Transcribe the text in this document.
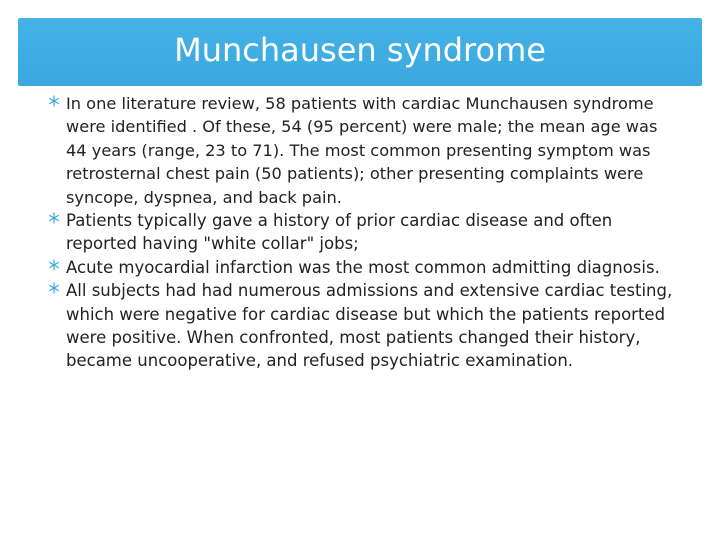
Munchausen syndrome
In one literature review, 58 patients with cardiac Munchausen syndrome were identified . Of these, 54 (95 percent) were male; the mean age was 44 years (range, 23 to 71). The most common presenting symptom was retrosternal chest pain (50 patients); other presenting complaints were syncope, dyspnea, and back pain.
Patients typically gave a history of prior cardiac disease and often reported having "white collar" jobs;
Acute myocardial infarction was the most common admitting diagnosis.
All subjects had had numerous admissions and extensive cardiac testing, which were negative for cardiac disease but which the patients reported were positive. When confronted, most patients changed their history, became uncooperative, and refused psychiatric examination.
